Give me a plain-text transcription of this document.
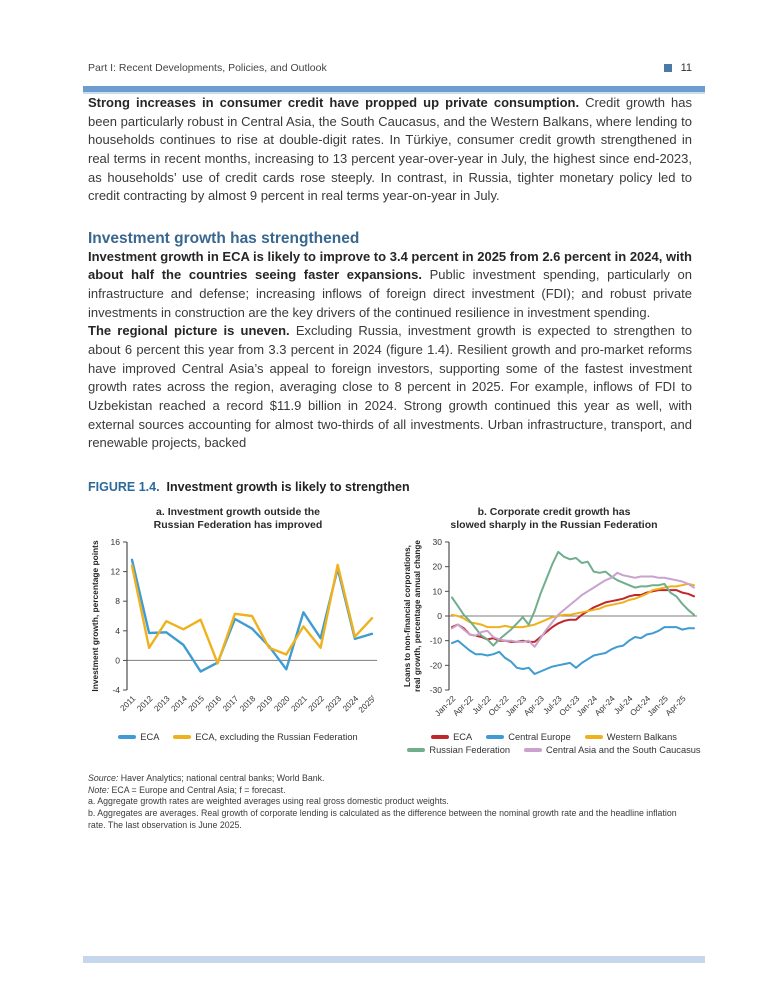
Part I: Recent Developments, Policies, and Outlook	11

Strong increases in consumer credit have propped up private consumption. Credit growth has been particularly robust in Central Asia, the South Caucasus, and the Western Balkans, where lending to households continues to rise at double-digit rates. In Türkiye, consumer credit growth strengthened in real terms in recent months, increasing to 13 percent year-over-year in July, the highest since end-2023, as households’ use of credit cards rose steeply. In contrast, in Russia, tighter monetary policy led to credit contracting by almost 9 percent in real terms year-on-year in July.

Investment growth has strengthened

Investment growth in ECA is likely to improve to 3.4 percent in 2025 from 2.6 percent in 2024, with about half the countries seeing faster expansions. Public investment spending, particularly on infrastructure and defense; increasing inflows of foreign direct investment (FDI); and robust private investments in construction are the key drivers of the continued resilience in investment spending.

The regional picture is uneven. Excluding Russia, investment growth is expected to strengthen to about 6 percent this year from 3.3 percent in 2024 (figure 1.4). Resilient growth and pro-market reforms have improved Central Asia’s appeal to foreign investors, supporting some of the fastest investment growth rates across the region, averaging close to 8 percent in 2025. For example, inflows of FDI to Uzbekistan reached a record $11.9 billion in 2024. Strong growth continued this year as well, with external sources accounting for almost two-thirds of all investments. Urban infrastructure, transport, and renewable projects, backed

FIGURE 1.4. Investment growth is likely to strengthen
a. Investment growth outside the
Russian Federation has improved
-4
0
4
8
12
16
2011
2012
2013
2014
2015
2016
2017
2018
2019
2020
2021
2022
2023
2024
2025ᶠ
Investment growth, percentage points
ECA	ECA, excluding the Russian Federation
b. Corporate credit growth has
slowed sharply in the Russian Federation
-30
-20
-10
0
10
20
30
Jan-22
Apr-22
Jul-22
Oct-22
Jan-23
Apr-23
Jul-23
Oct-23
Jan-24
Apr-24
Jul-24
Oct-24
Jan-25
Apr-25
Loans to non-financial corporations, real growth, percentage annual change
ECA	Central Europe	Western Balkans
Russian Federation	Central Asia and the South Caucasus
Source: Haver Analytics; national central banks; World Bank.
Note: ECA = Europe and Central Asia; f = forecast.
a. Aggregate growth rates are weighted averages using real gross domestic product weights.
b. Aggregates are averages. Real growth of corporate lending is calculated as the difference between the nominal growth rate and the headline inflation rate. The last observation is June 2025.
